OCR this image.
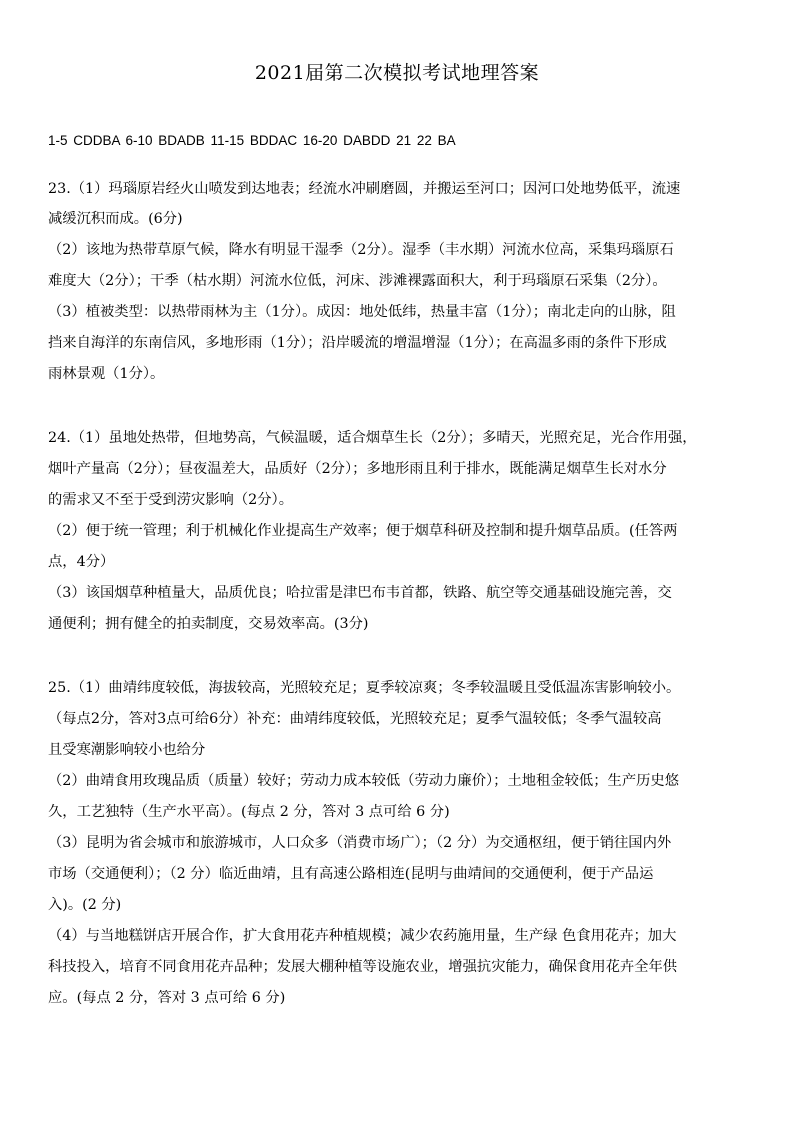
2021届第二次模拟考试地理答案
1-5 CDDBA 6-10 BDADB 11-15 BDDAC 16-20 DABDD 21 22 BA
23.（1）玛瑙原岩经火山喷发到达地表；经流水冲刷磨圆，并搬运至河口；因河口处地势低平，流速
减缓沉积而成。(6分)
（2）该地为热带草原气候，降水有明显干湿季（2分）。湿季（丰水期）河流水位高，采集玛瑙原石
难度大（2分）；干季（枯水期）河流水位低，河床、涉滩裸露面积大，利于玛瑙原石采集（2分）。
（3）植被类型：以热带雨林为主（1分）。成因：地处低纬，热量丰富（1分）；南北走向的山脉，阻
挡来自海洋的东南信风，多地形雨（1分）；沿岸暖流的增温增湿（1分）；在高温多雨的条件下形成
雨林景观（1分）。
24.（1）虽地处热带，但地势高，气候温暖，适合烟草生长（2分）；多晴天，光照充足，光合作用强，
烟叶产量高（2分）；昼夜温差大，品质好（2分）；多地形雨且利于排水，既能满足烟草生长对水分
的需求又不至于受到涝灾影响（2分）。
（2）便于统一管理；利于机械化作业提高生产效率；便于烟草科研及控制和提升烟草品质。(任答两
点，4分）
（3）该国烟草种植量大，品质优良；哈拉雷是津巴布韦首都，铁路、航空等交通基础设施完善，交
通便利；拥有健全的拍卖制度，交易效率高。(3分)
25.（1）曲靖纬度较低，海拔较高，光照较充足；夏季较凉爽；冬季较温暖且受低温冻害影响较小。
（每点2分，答对3点可给6分）补充：曲靖纬度较低，光照较充足；夏季气温较低；冬季气温较高
且受寒潮影响较小也给分
（2）曲靖食用玫瑰品质（质量）较好；劳动力成本较低（劳动力廉价）；土地租金较低；生产历史悠
久，工艺独特（生产水平高）。(每点 2 分，答对 3 点可给 6 分)
（3）昆明为省会城市和旅游城市，人口众多（消费市场广）；（2 分）为交通枢纽，便于销往国内外
市场（交通便利）；（2 分）临近曲靖，且有高速公路相连(昆明与曲靖间的交通便利，便于产品运
入)。(2 分)
（4）与当地糕饼店开展合作，扩大食用花卉种植规模；减少农药施用量，生产绿 色食用花卉；加大
科技投入，培育不同食用花卉品种；发展大棚种植等设施农业，增强抗灾能力，确保食用花卉全年供
应。(每点 2 分，答对 3 点可给 6 分)
